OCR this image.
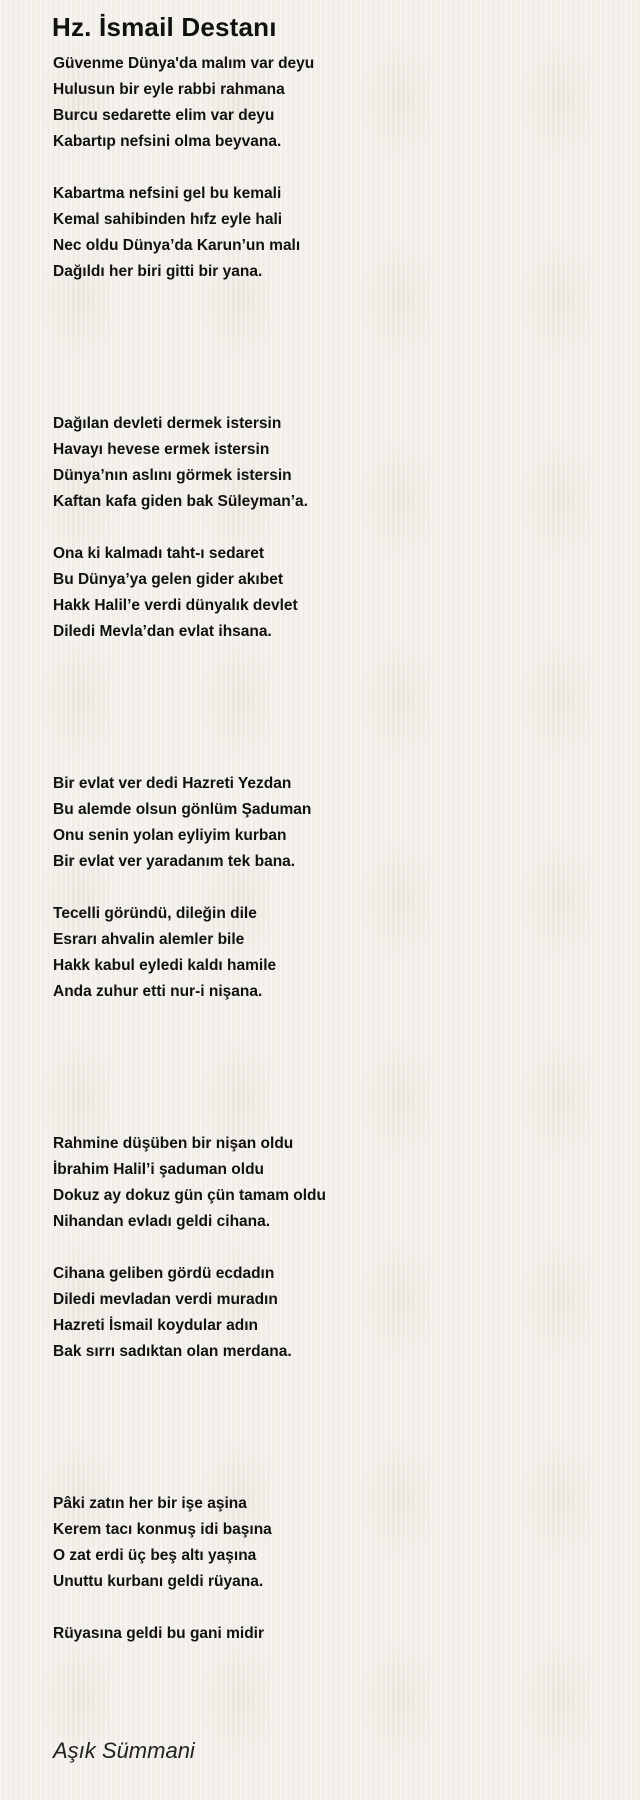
Hz. İsmail Destanı
Güvenme Dünya'da malım var deyu
Hulusun bir eyle rabbi rahmana
Burcu sedarette elim var deyu
Kabartıp nefsini olma beyvana.
Kabartma nefsini gel bu kemali
Kemal sahibinden hıfz eyle hali
Nec oldu Dünya’da Karun’un malı
Dağıldı her biri gitti bir yana.
Dağılan devleti dermek istersin
Havayı hevese ermek istersin
Dünya’nın aslını görmek istersin
Kaftan kafa giden bak Süleyman’a.
Ona ki kalmadı taht-ı sedaret
Bu Dünya’ya gelen gider akıbet
Hakk Halil’e verdi dünyalık devlet
Diledi Mevla’dan evlat ihsana.
Bir evlat ver dedi Hazreti Yezdan
Bu alemde olsun gönlüm Şaduman
Onu senin yolan eyliyim kurban
Bir evlat ver yaradanım tek bana.
Tecelli göründü, dileğin dile
Esrarı ahvalin alemler bile
Hakk kabul eyledi kaldı hamile
Anda zuhur etti nur-i nişana.
Rahmine düşüben bir nişan oldu
İbrahim Halil’i şaduman oldu
Dokuz ay dokuz gün çün tamam oldu
Nihandan evladı geldi cihana.
Cihana geliben gördü ecdadın
Diledi mevladan verdi muradın
Hazreti İsmail koydular adın
Bak sırrı sadıktan olan merdana.
Pâki zatın her bir işe aşina
Kerem tacı konmuş idi başına
O zat erdi üç beş altı yaşına
Unuttu kurbanı geldi rüyana.
Rüyasına geldi bu gani midir
Aşık Sümmani
